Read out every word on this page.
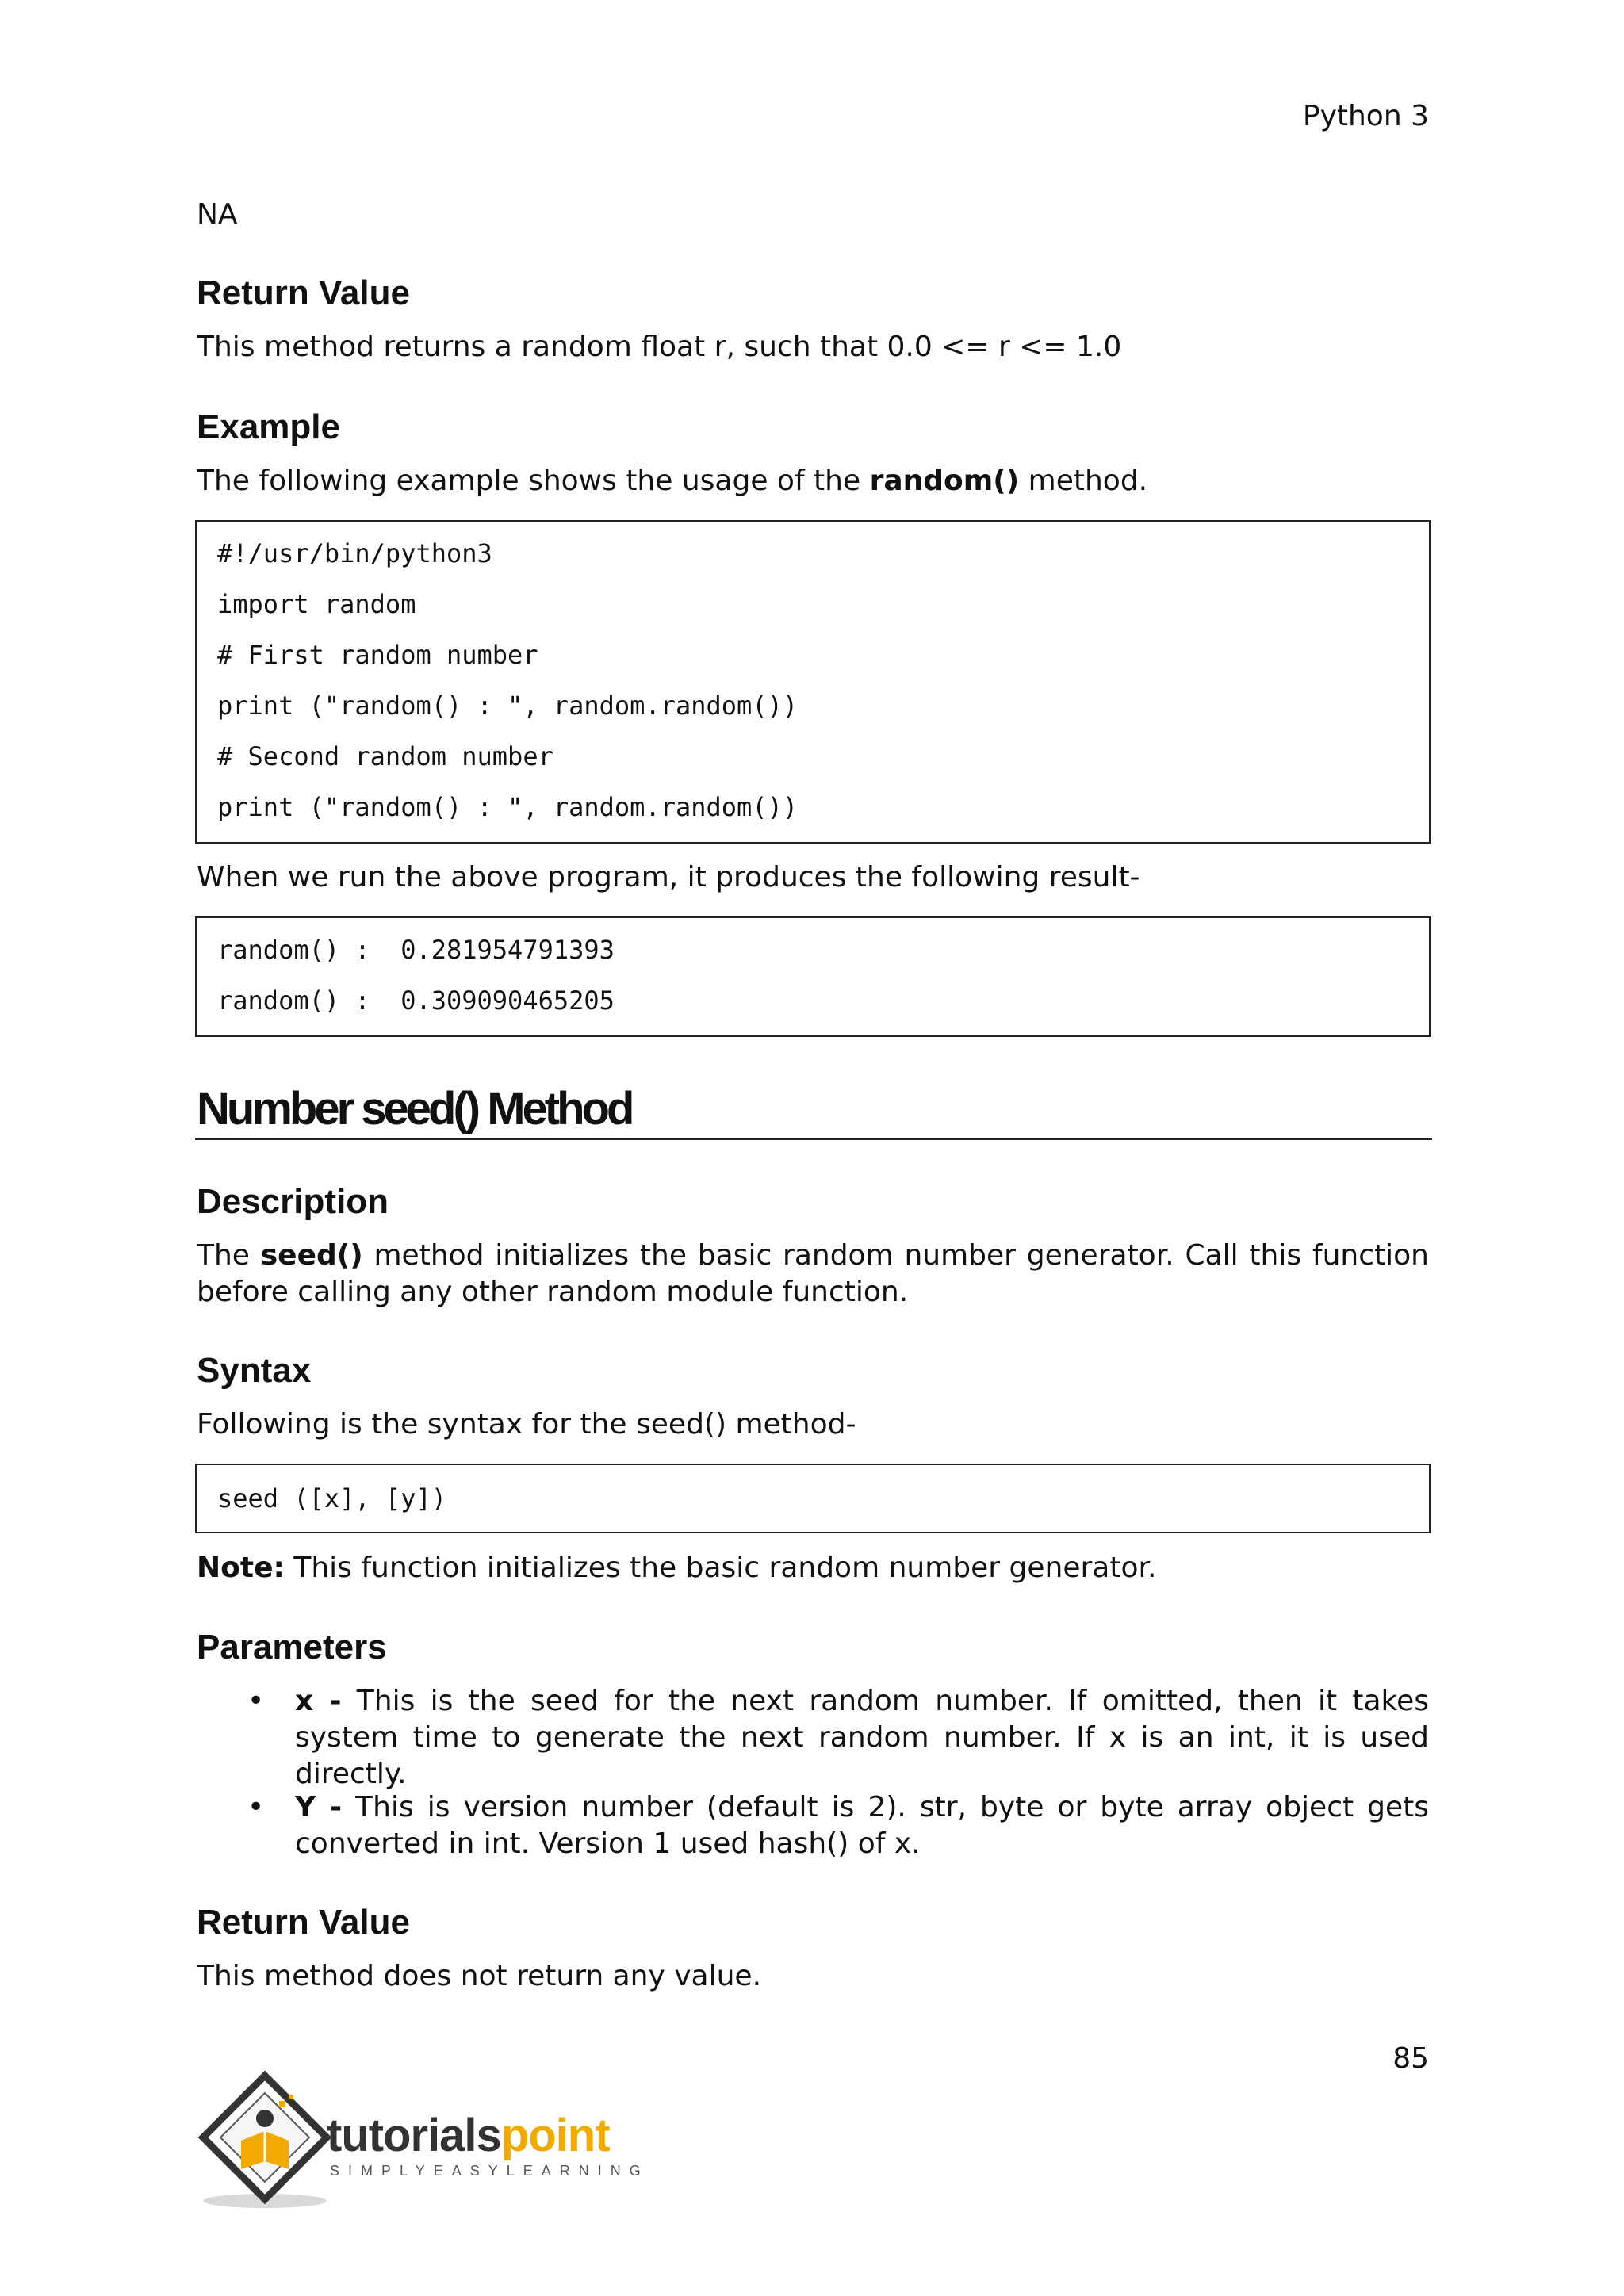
Python 3
NA
Return Value
This method returns a random float r, such that 0.0 <= r <= 1.0
Example
The following example shows the usage of the random() method.
#!/usr/bin/python3
import random
# First random number
print ("random() : ", random.random())
# Second random number
print ("random() : ", random.random())
When we run the above program, it produces the following result-
random() :  0.281954791393
random() :  0.309090465205
Number seed() Method
Description
The seed() method initializes the basic random number generator. Call this function before calling any other random module function.
Syntax
Following is the syntax for the seed() method-
seed ([x], [y])
Note: This function initializes the basic random number generator.
Parameters
• x - This is the seed for the next random number. If omitted, then it takes system time to generate the next random number. If x is an int, it is used directly.
• Y - This is version number (default is 2). str, byte or byte array object gets converted in int. Version 1 used hash() of x.
Return Value
This method does not return any value.
85
tutorialspoint
SIMPLYEASYLEARNING
